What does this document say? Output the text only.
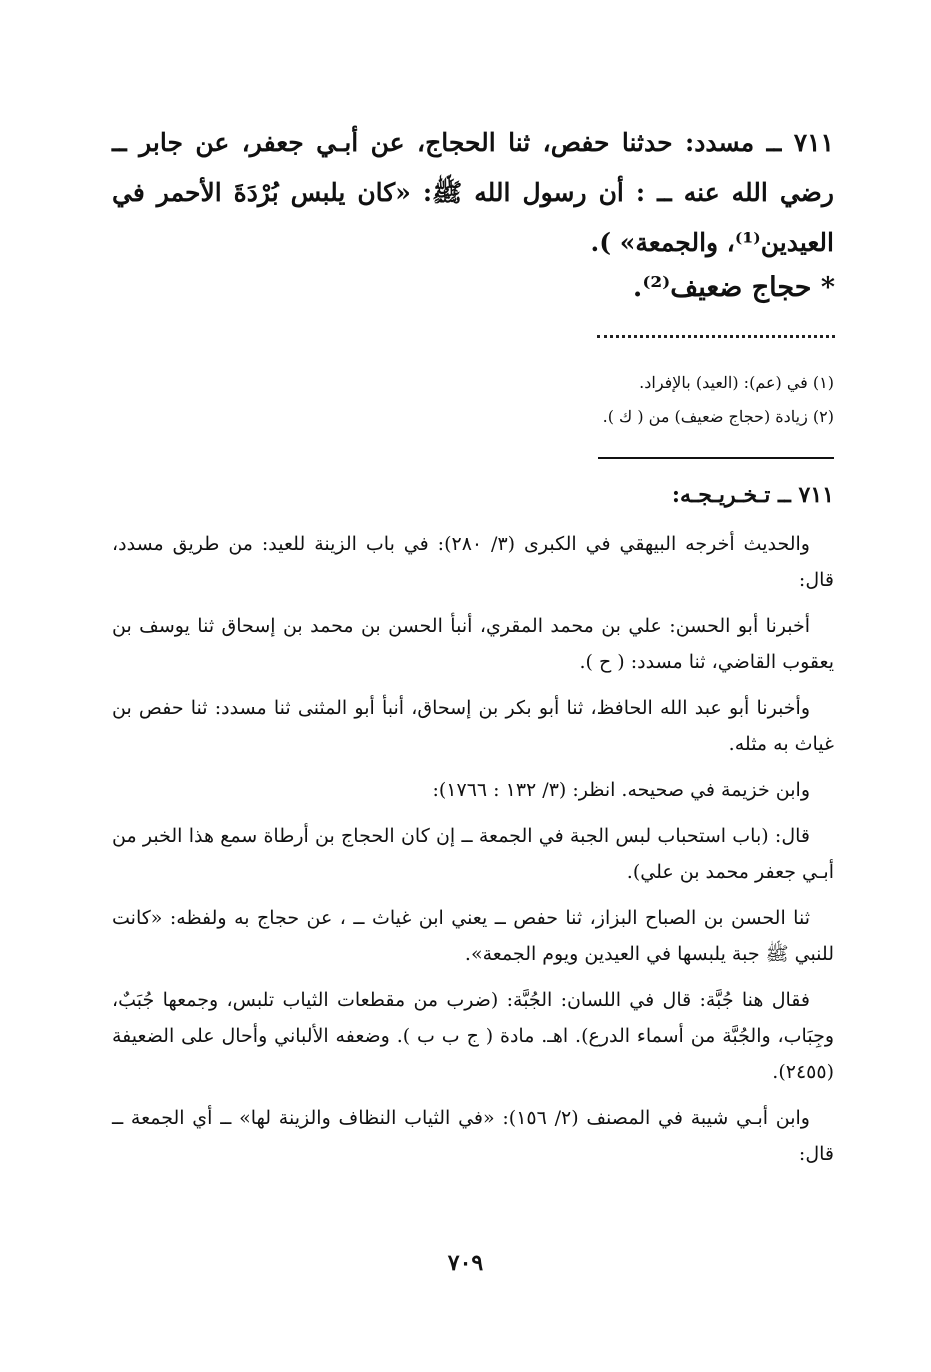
٧١١ ــ مسدد: حدثنا حفص، ثنا الحجاج، عن أبـي جعفر، عن جابر ــ رضي الله عنه ــ : أن رسول الله ﷺ: «كان يلبس بُرْدَةَ الأحمر في العيدين⁽¹⁾، والجمعة» ).
* حجاج ضعيف⁽²⁾.
(١) في (عم): (العيد) بالإفراد.
(٢) زيادة (حجاج ضعيف) من ( ك ).
٧١١ ــ تـخـريـجـه:

والحديث أخرجه البيهقي في الكبرى (٣/ ٢٨٠): في باب الزينة للعيد: من طريق مسدد، قال:

أخبرنا أبو الحسن: علي بن محمد المقري، أنبأ الحسن بن محمد بن إسحاق ثنا يوسف بن يعقوب القاضي، ثنا مسدد: ( ح ).

وأخبرنا أبو عبد الله الحافظ، ثنا أبو بكر بن إسحاق، أنبأ أبو المثنى ثنا مسدد: ثنا حفص بن غياث به مثله.

وابن خزيمة في صحيحه. انظر: (٣/ ١٣٢ : ١٧٦٦):

قال: (باب استحباب لبس الجبة في الجمعة ــ إن كان الحجاج بن أرطاة سمع هذا الخبر من أبـي جعفر محمد بن علي).

ثنا الحسن بن الصباح البزاز، ثنا حفص ــ يعني ابن غياث ــ ، عن حجاج به ولفظه: «كانت للنبي ﷺ جبة يلبسها في العيدين ويوم الجمعة».

فقال هنا جُبَّة: قال في اللسان: الجُبَّة: (ضرب من مقطعات الثياب تلبس، وجمعها جُبَبٌ، وجِبَاب، والجُبَّة من أسماء الدرع). اهـ. مادة ( ج ب ب ). وضعفه الألباني وأحال على الضعيفة (٢٤٥٥).

وابن أبـي شيبة في المصنف (٢/ ١٥٦): «في الثياب النظاف والزينة لها» ــ أي الجمعة ــ قال:

٧٠٩
